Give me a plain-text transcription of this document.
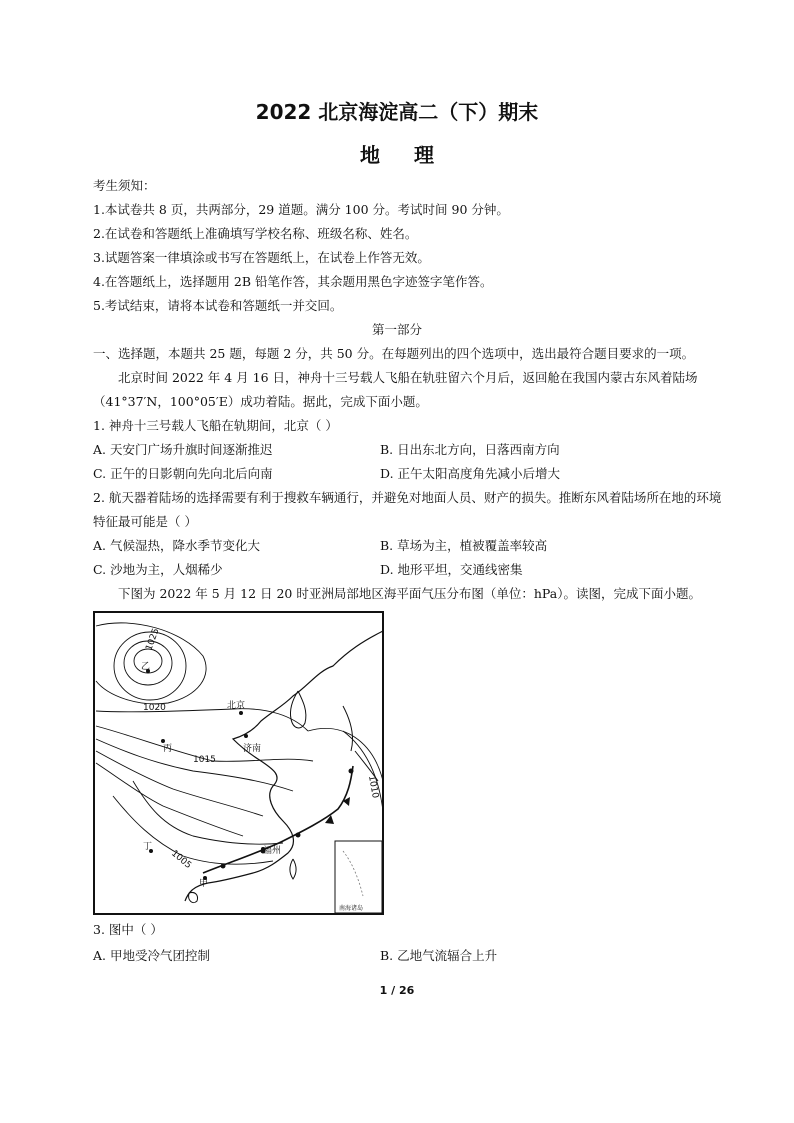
2022 北京海淀高二（下）期末
地理
考生须知：
1.本试卷共 8 页，共两部分，29 道题。满分 100 分。考试时间 90 分钟。
2.在试卷和答题纸上准确填写学校名称、班级名称、姓名。
3.试题答案一律填涂或书写在答题纸上，在试卷上作答无效。
4.在答题纸上，选择题用 2B 铅笔作答，其余题用黑色字迹签字笔作答。
5.考试结束，请将本试卷和答题纸一并交回。
第一部分
一、选择题，本题共 25 题，每题 2 分，共 50 分。在每题列出的四个选项中，选出最符合题目要求的一项。
北京时间 2022 年 4 月 16 日，神舟十三号载人飞船在轨驻留六个月后，返回舱在我国内蒙古东风着陆场
（41°37′N，100°05′E）成功着陆。据此，完成下面小题。
1. 神舟十三号载人飞船在轨期间，北京（ ）
A. 天安门广场升旗时间逐渐推迟	B. 日出东北方向，日落西南方向
C. 正午的日影朝向先向北后向南	D. 正午太阳高度角先减小后增大
2. 航天器着陆场的选择需要有利于搜救车辆通行，并避免对地面人员、财产的损失。推断东风着陆场所在地的环境
特征最可能是（ ）
A. 气候湿热，降水季节变化大	B. 草场为主，植被覆盖率较高
C. 沙地为主，人烟稀少	D. 地形平坦，交通线密集
下图为 2022 年 5 月 12 日 20 时亚洲局部地区海平面气压分布图（单位：hPa）。读图，完成下面小题。
1025
1020
1015
1010
1005
北京
济南
福州
乙
丙
丁
甲
南海诸岛
3. 图中（ ）
A. 甲地受冷气团控制	B. 乙地气流辐合上升
1 / 26
